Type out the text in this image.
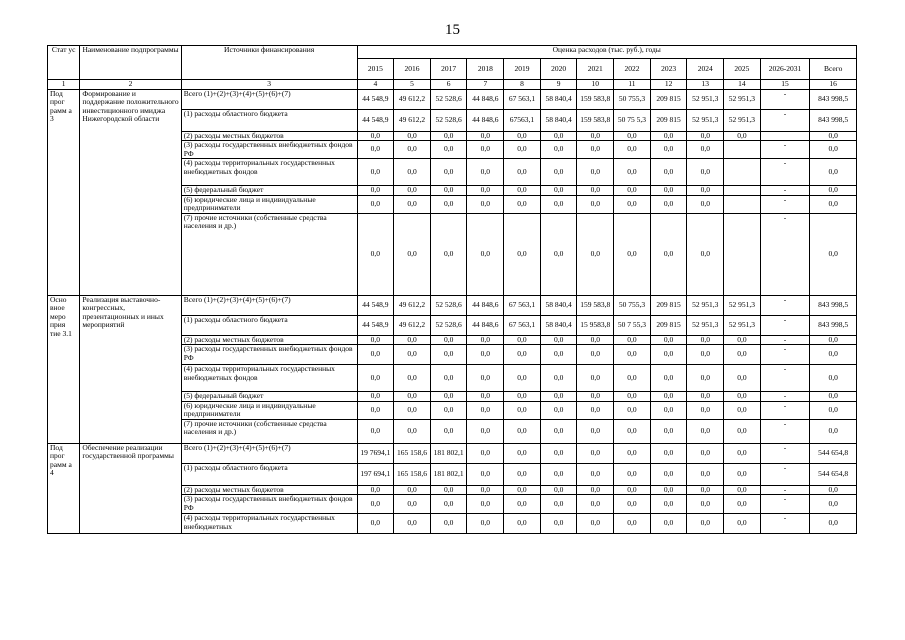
15
Стат ус	Наименование подпрограммы	Источники финансирования	Оценка расходов (тыс. руб.), годы												
			2015	2016	2017	2018	2019	2020	2021	2022	2023	2024	2025	2026-2031	Всего
1	2	3	4	5	6	7	8	9	10	11	12	13	14	15	16
Под прог рамм а 3	Формирование и поддержание положительного инвестиционного имиджа Нижегородской области	Всего (1)+(2)+(3)+(4)+(5)+(6)+(7)	44 548,9	49 612,2	52 528,6	44 848,6	67 563,1	58 840,4	159 583,8	50 755,3	209 815	52 951,3	52 951,3	-	843 998,5
		(1) расходы областного бюджета	44 548,9	49 612,2	52 528,6	44 848,6	67563,1	58 840,4	159 583,8	50 75 5,3	209 815	52 951,3	52 951,3	-	843 998,5
		(2) расходы местных бюджетов	0,0	0,0	0,0	0,0	0,0	0,0	0,0	0,0	0,0	0,0	0,0		0,0
		(3) расходы государственных внебюджетных фондов РФ	0,0	0,0	0,0	0,0	0,0	0,0	0,0	0,0	0,0	0,0		-	0,0
		(4) расходы территориальных государственных внебюджетных фондов	0,0	0,0	0,0	0,0	0,0	0,0	0,0	0,0	0,0	0,0		-	0,0
		(5) федеральный бюджет	0,0	0,0	0,0	0,0	0,0	0,0	0,0	0,0	0,0	0,0		-	0,0
		(6) юридические лица и индивидуальные предприниматели	0,0	0,0	0,0	0,0	0,0	0,0	0,0	0,0	0,0	0,0		-	0,0
		(7) прочие источники (собственные средства населения и др.)	0,0	0,0	0,0	0,0	0,0	0,0	0,0	0,0	0,0	0,0		-	0,0
Осно вное меро прия тие 3.1	Реализация выставочно-конгрессных, презентационных и иных мероприятий	Всего (1)+(2)+(3)+(4)+(5)+(6)+(7)	44 548,9	49 612,2	52 528,6	44 848,6	67 563,1	58 840,4	159 583,8	50 755,3	209 815	52 951,3	52 951,3	-	843 998,5
		(1) расходы областного бюджета	44 548,9	49 612,2	52 528,6	44 848,6	67 563,1	58 840,4	15 9583,8	50 7 55,3	209 815	52 951,3	52 951,3	-	843 998,5
		(2) расходы местных бюджетов	0,0	0,0	0,0	0,0	0,0	0,0	0,0	0,0	0,0	0,0	0,0	-	0,0
		(3) расходы государственных внебюджетных фондов РФ	0,0	0,0	0,0	0,0	0,0	0,0	0,0	0,0	0,0	0,0	0,0	-	0,0
		(4) расходы территориальных государственных внебюджетных фондов	0,0	0,0	0,0	0,0	0,0	0,0	0,0	0,0	0,0	0,0	0,0	-	0,0
		(5) федеральный бюджет	0,0	0,0	0,0	0,0	0,0	0,0	0,0	0,0	0,0	0,0	0,0	-	0,0
		(6) юридические лица и индивидуальные предприниматели	0,0	0,0	0,0	0,0	0,0	0,0	0,0	0,0	0,0	0,0	0,0	-	0,0
		(7) прочие источники (собственные средства населения и др.)	0,0	0,0	0,0	0,0	0,0	0,0	0,0	0,0	0,0	0,0	0,0	-	0,0
Под прог рамм а 4	Обеспечение реализации государственной программы	Всего (1)+(2)+(3)+(4)+(5)+(6)+(7)	19 7694,1	165 158,6	181 802,1	0,0	0,0	0,0	0,0	0,0	0,0	0,0	0,0	-	544 654,8
		(1) расходы областного бюджета	197 694,1	165 158,6	181 802,1	0,0	0,0	0,0	0,0	0,0	0,0	0,0	0,0	-	544 654,8
		(2) расходы местных бюджетов	0,0	0,0	0,0	0,0	0,0	0,0	0,0	0,0	0,0	0,0	0,0	-	0,0
		(3) расходы государственных внебюджетных фондов РФ	0,0	0,0	0,0	0,0	0,0	0,0	0,0	0,0	0,0	0,0	0,0	-	0,0
		(4) расходы территориальных государственных внебюджетных	0,0	0,0	0,0	0,0	0,0	0,0	0,0	0,0	0,0	0,0	0,0	-	0,0
